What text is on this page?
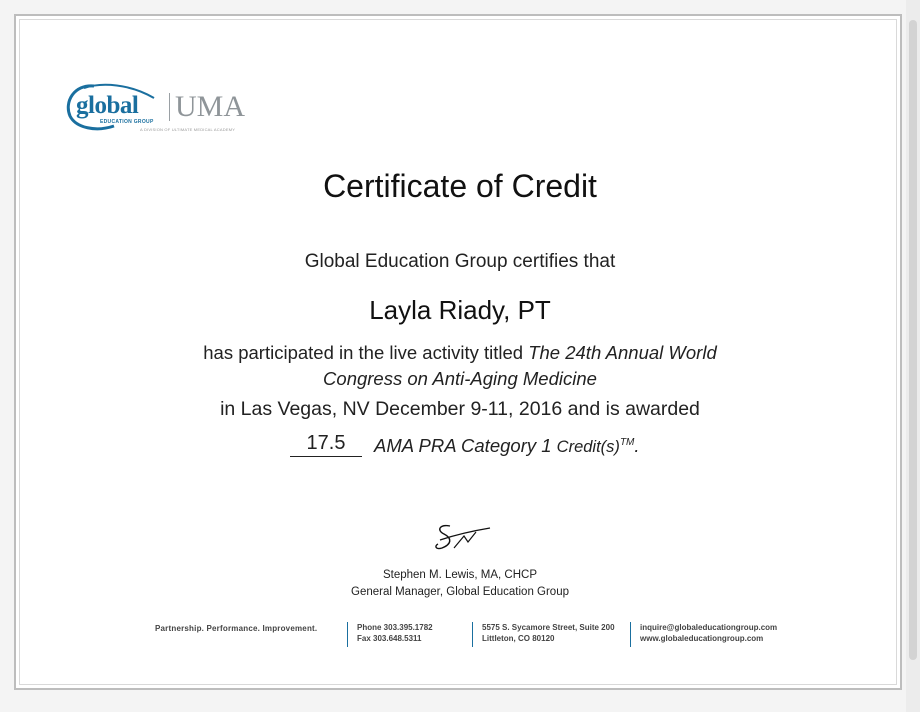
global
EDUCATION GROUP UMA
A DIVISION OF ULTIMATE MEDICAL ACADEMY
Certificate of Credit
Global Education Group certifies that
Layla Riady, PT
has participated in the live activity titled The 24th Annual World
Congress on Anti-Aging Medicine
in Las Vegas, NV December 9-11, 2016 and is awarded
17.5	AMA PRA Category 1 Credit(s)™.
Stephen M. Lewis, MA, CHCP
General Manager, Global Education Group
Partnership. Performance. Improvement.	Phone 303.395.1782
Fax 303.648.5311
5575 S. Sycamore Street, Suite 200
Littleton, CO 80120
inquire@globaleducationgroup.com
www.globaleducationgroup.com
